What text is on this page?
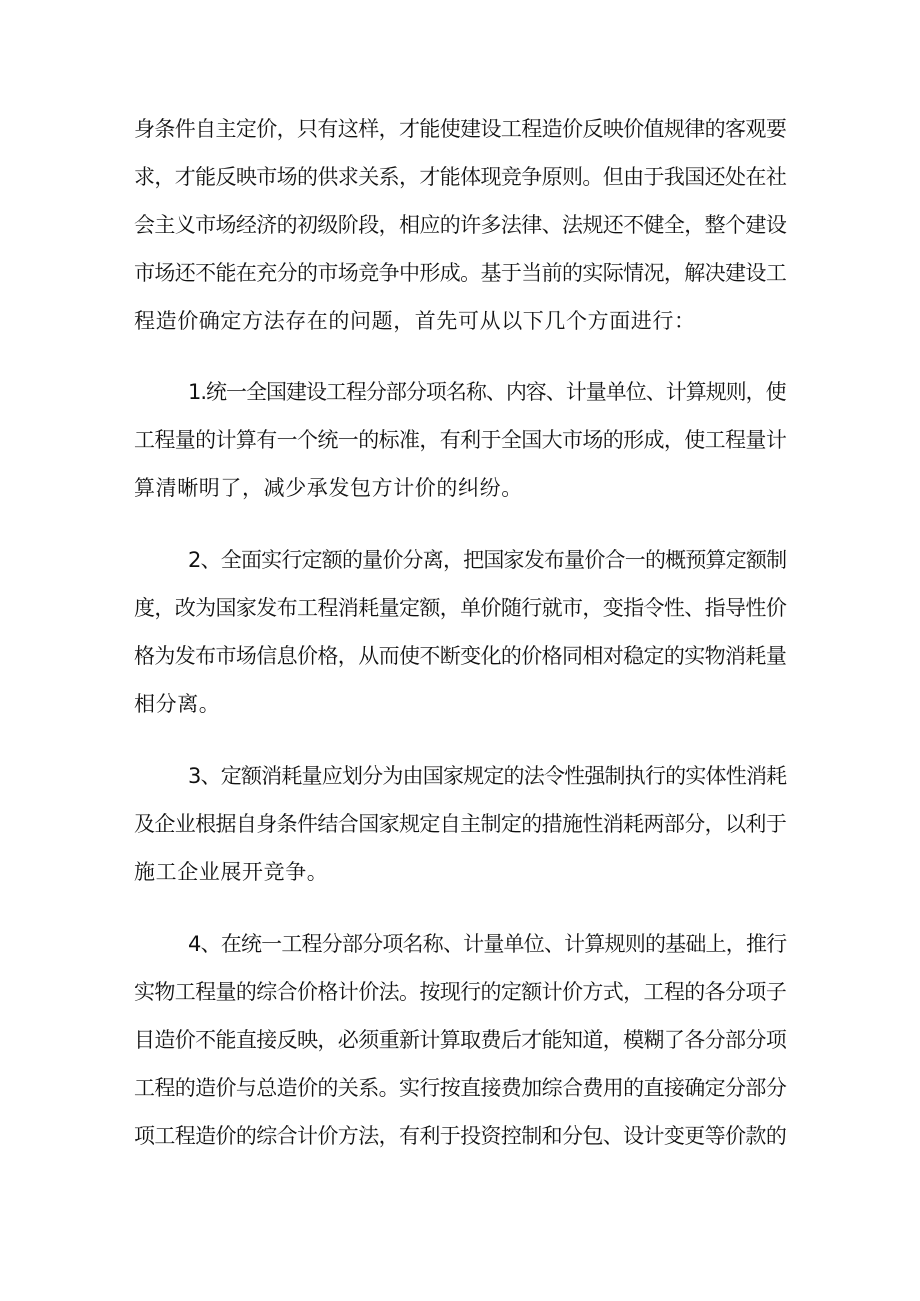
身条件自主定价，只有这样，才能使建设工程造价反映价值规律的客观要
求，才能反映市场的供求关系，才能体现竞争原则。但由于我国还处在社
会主义市场经济的初级阶段，相应的许多法律、法规还不健全，整个建设
市场还不能在充分的市场竞争中形成。基于当前的实际情况，解决建设工
程造价确定方法存在的问题，首先可从以下几个方面进行：
1.统一全国建设工程分部分项名称、内容、计量单位、计算规则，使
工程量的计算有一个统一的标准，有利于全国大市场的形成，使工程量计
算清晰明了，减少承发包方计价的纠纷。
2、全面实行定额的量价分离，把国家发布量价合一的概预算定额制
度，改为国家发布工程消耗量定额，单价随行就市，变指令性、指导性价
格为发布市场信息价格，从而使不断变化的价格同相对稳定的实物消耗量
相分离。
3、定额消耗量应划分为由国家规定的法令性强制执行的实体性消耗
及企业根据自身条件结合国家规定自主制定的措施性消耗两部分，以利于
施工企业展开竞争。
4、在统一工程分部分项名称、计量单位、计算规则的基础上，推行
实物工程量的综合价格计价法。按现行的定额计价方式，工程的各分项子
目造价不能直接反映，必须重新计算取费后才能知道，模糊了各分部分项
工程的造价与总造价的关系。实行按直接费加综合费用的直接确定分部分
项工程造价的综合计价方法，有利于投资控制和分包、设计变更等价款的
